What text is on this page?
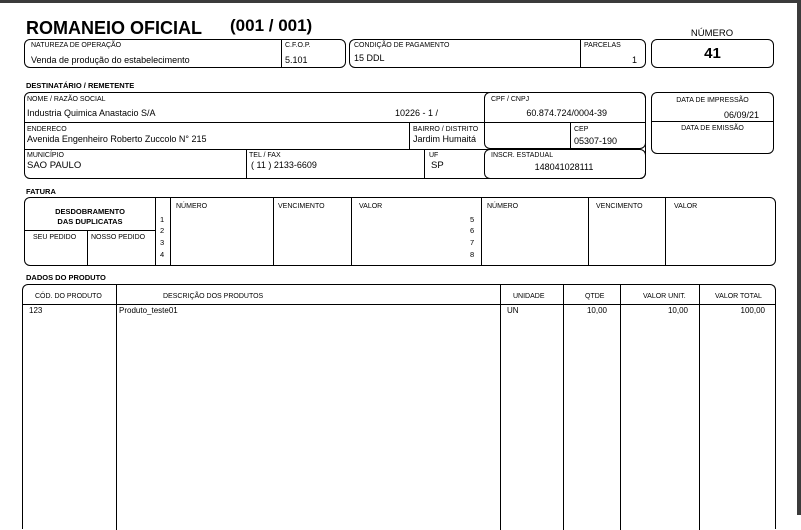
ROMANEIO OFICIAL (001 / 001)	NÚMERO
41
NATUREZA DE OPERAÇÃO
Venda de produção do estabelecimento
C.F.O.P.
5.101
CONDIÇÃO DE PAGAMENTO
15 DDL
PARCELAS
1
DESTINATÁRIO / REMETENTE
NOME / RAZÃO SOCIAL
Industria Quimica Anastacio S/A	10226 - 1 /
ENDERECO
Avenida Engenheiro Roberto Zuccolo N° 215
BAIRRO / DISTRITO
Jardim Humaitá
MUNICÍPIO
SAO PAULO
TEL / FAX
( 11 ) 2133-6609
UF
SP
CPF / CNPJ
60.874.724/0004-39
CEP
05307-190
INSCR. ESTADUAL
148041028111
DATA DE IMPRESSÃO
06/09/21
DATA DE EMISSÃO
FATURA
DESDOBRAMENTO
DAS DUPLICATAS
SEU PEDIDO NOSSO PEDIDO
1
2
3
4
NÚMERO	VENCIMENTO	VALOR
5
6
7
8
NÚMERO	VENCIMENTO	VALOR
DADOS DO PRODUTO
CÓD. DO PRODUTO	DESCRIÇÃO DOS PRODUTOS	UNIDADE	QTDE	VALOR UNIT.	VALOR TOTAL
123	Produto_teste01	UN	10,00	10,00	100,00
